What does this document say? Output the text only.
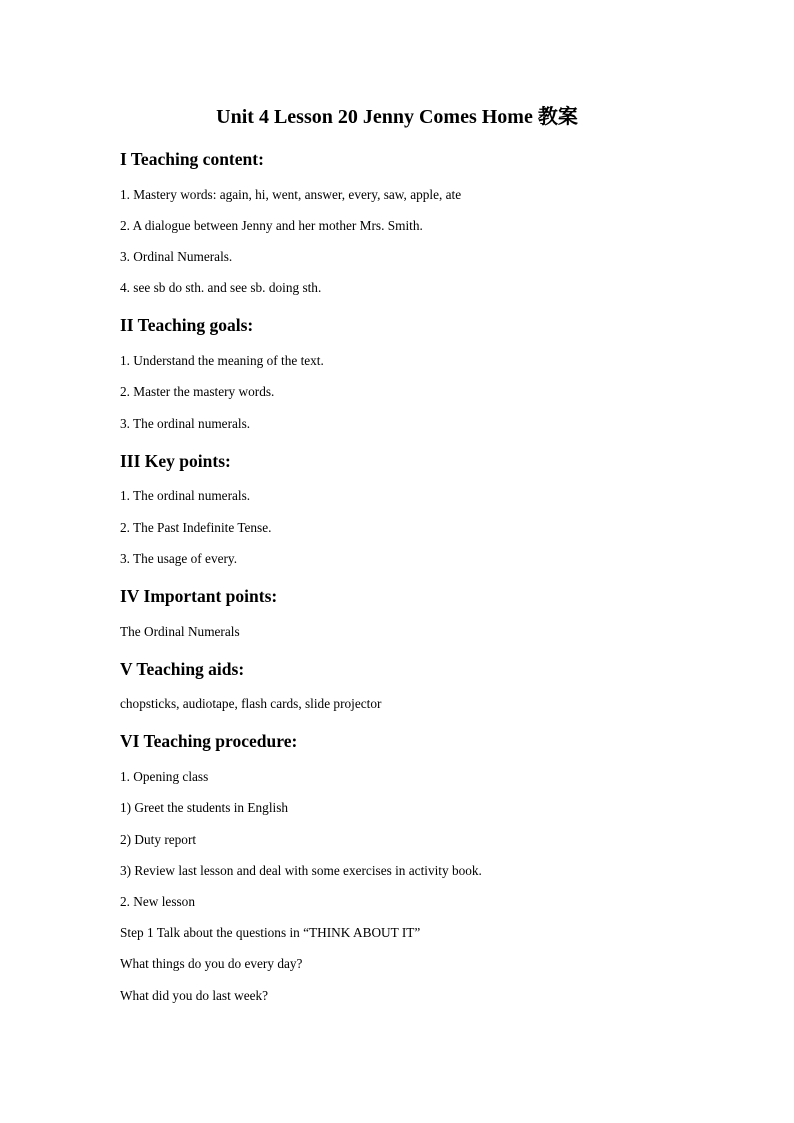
Unit 4 Lesson 20 Jenny Comes Home 教案
I Teaching content:
1. Mastery words: again, hi, went, answer, every, saw, apple, ate
2. A dialogue between Jenny and her mother Mrs. Smith.
3. Ordinal Numerals.
4. see sb do sth. and see sb. doing sth.
II Teaching goals:
1. Understand the meaning of the text.
2. Master the mastery words.
3. The ordinal numerals.
III Key points:
1. The ordinal numerals.
2. The Past Indefinite Tense.
3. The usage of every.
IV Important points:
The Ordinal Numerals
V Teaching aids:
chopsticks, audiotape, flash cards, slide projector
VI Teaching procedure:
1. Opening class
1) Greet the students in English
2) Duty report
3) Review last lesson and deal with some exercises in activity book.
2. New lesson
Step 1 Talk about the questions in “THINK ABOUT IT”
What things do you do every day?
What did you do last week?
